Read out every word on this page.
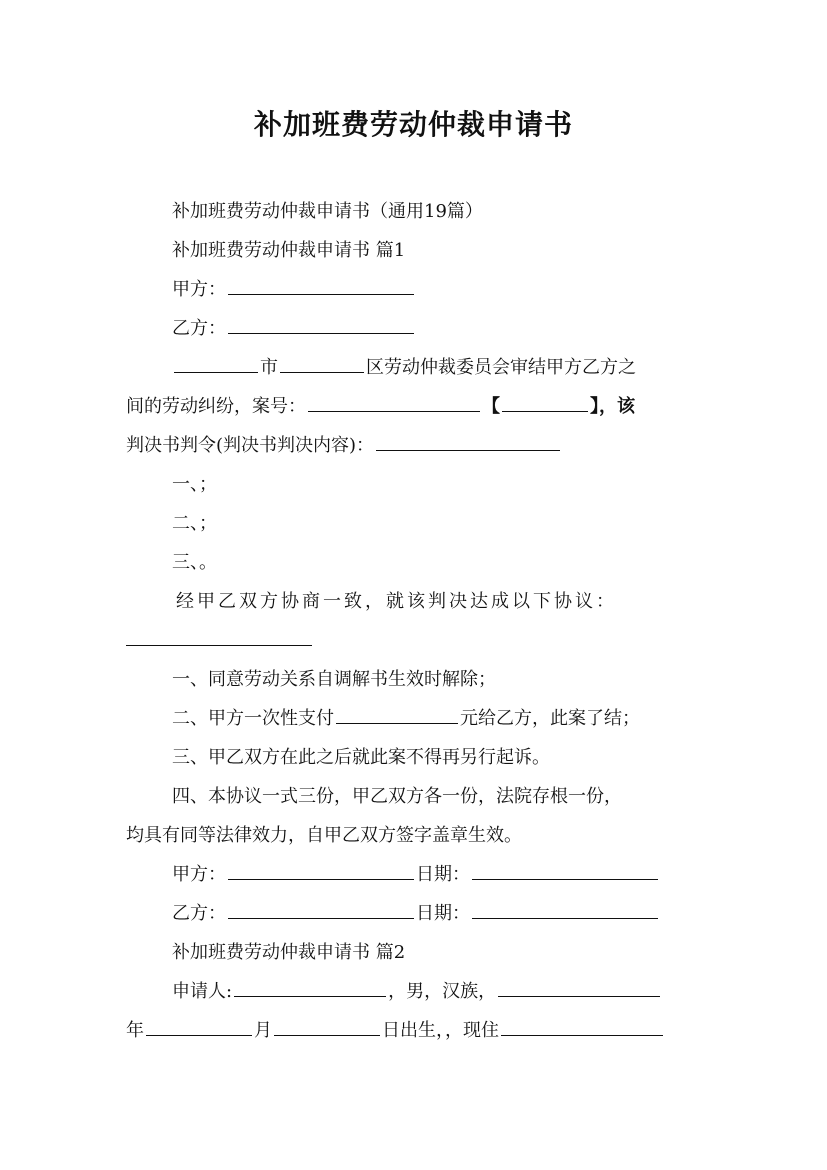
补加班费劳动仲裁申请书
补加班费劳动仲裁申请书（通用19篇）
补加班费劳动仲裁申请书 篇1
甲方：
乙方：
市	区劳动仲裁委员会审结甲方乙方之
间的劳动纠纷，案号：	【	】，该
判决书判令(判决书判决内容)：
一、；
二、；
三、。
经甲乙双方协商一致，就该判决达成以下协议：
一、同意劳动关系自调解书生效时解除；
二、甲方一次性支付	元给乙方，此案了结；
三、甲乙双方在此之后就此案不得再另行起诉。
四、本协议一式三份，甲乙双方各一份，法院存根一份，
均具有同等法律效力，自甲乙双方签字盖章生效。
甲方：	日期：
乙方：	日期：
补加班费劳动仲裁申请书 篇2
申请人:	，男，汉族，
年	月	日出生，，现住
